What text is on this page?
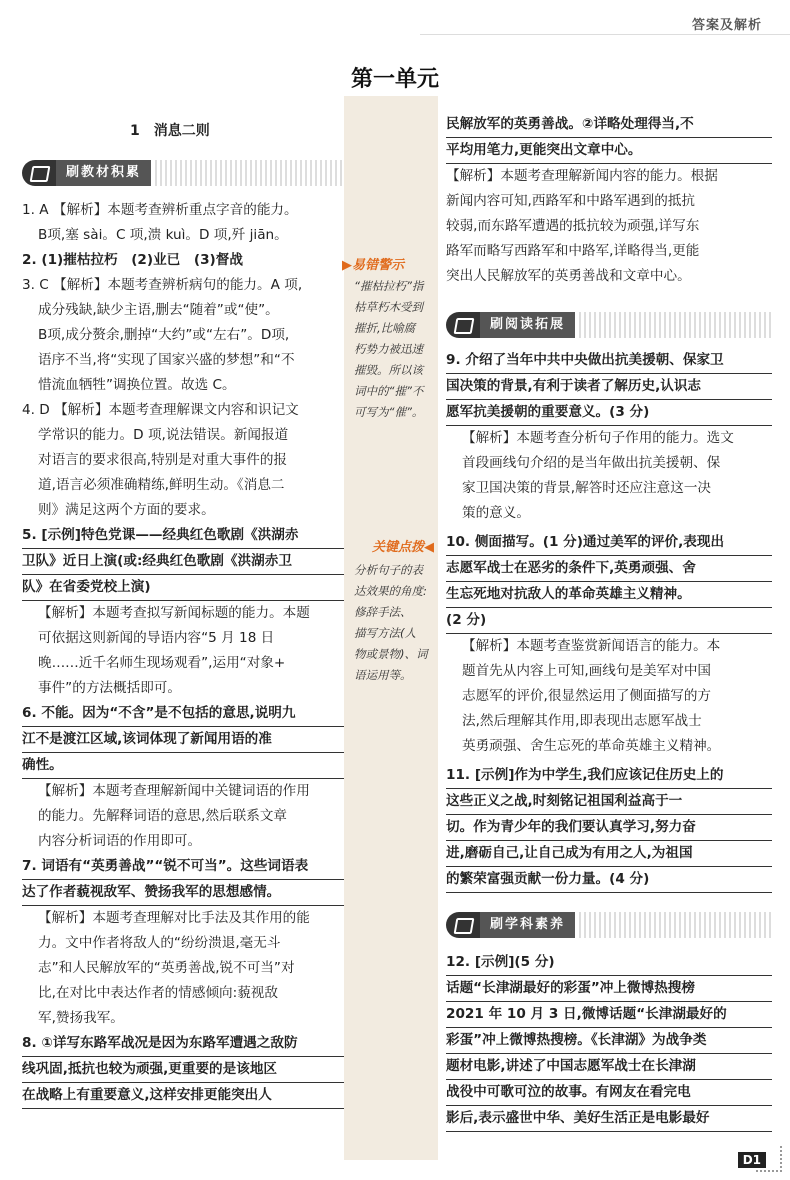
答案及解析
第一单元
1　消息二则
刷教材积累

1. A 【解析】本题考查辨析重点字音的能力。

B项,塞 sài。C 项,溃 kuì。D 项,歼 jiān。

2. (1)摧枯拉朽　(2)业已　(3)督战

3. C 【解析】本题考查辨析病句的能力。A 项,

成分残缺,缺少主语,删去“随着”或“使”。

B项,成分赘余,删掉“大约”或“左右”。D项,

语序不当,将“实现了国家兴盛的梦想”和“不

惜流血牺牲”调换位置。故选 C。

4. D 【解析】本题考查理解课文内容和识记文

学常识的能力。D 项,说法错误。新闻报道

对语言的要求很高,特别是对重大事件的报

道,语言必须准确精练,鲜明生动。《消息二

则》满足这两个方面的要求。

5. [示例]特色党课——经典红色歌剧《洪湖赤

卫队》近日上演(或:经典红色歌剧《洪湖赤卫

队》在省委党校上演)

【解析】本题考查拟写新闻标题的能力。本题

可依据这则新闻的导语内容“5 月 18 日

晚……近千名师生现场观看”,运用“对象+

事件”的方法概括即可。

6. 不能。因为“不含”是不包括的意思,说明九

江不是渡江区域,该词体现了新闻用语的准

确性。

【解析】本题考查理解新闻中关键词语的作用

的能力。先解释词语的意思,然后联系文章

内容分析词语的作用即可。

7. 词语有“英勇善战”“锐不可当”。这些词语表

达了作者藐视敌军、赞扬我军的思想感情。

【解析】本题考查理解对比手法及其作用的能

力。文中作者将敌人的“纷纷溃退,毫无斗

志”和人民解放军的“英勇善战,锐不可当”对

比,在对比中表达作者的情感倾向:藐视敌

军,赞扬我军。

8. ①详写东路军战况是因为东路军遭遇之敌防

线巩固,抵抗也较为顽强,更重要的是该地区

在战略上有重要意义,这样安排更能突出人

▶易错警示
“摧枯拉朽”指
枯草朽木受到
摧折,比喻腐
朽势力被迅速
摧毁。所以该
词中的“摧”不
可写为“催”。
关键点拨◀
分析句子的表
达效果的角度:
修辞手法、
描写方法(人
物或景物)、词
语运用等。

民解放军的英勇善战。②详略处理得当,不

平均用笔力,更能突出文章中心。

【解析】本题考查理解新闻内容的能力。根据

新闻内容可知,西路军和中路军遇到的抵抗

较弱,而东路军遭遇的抵抗较为顽强,详写东

路军而略写西路军和中路军,详略得当,更能

突出人民解放军的英勇善战和文章中心。

刷阅读拓展

9. 介绍了当年中共中央做出抗美援朝、保家卫

国决策的背景,有利于读者了解历史,认识志

愿军抗美援朝的重要意义。(3 分)

【解析】本题考查分析句子作用的能力。选文

首段画线句介绍的是当年做出抗美援朝、保

家卫国决策的背景,解答时还应注意这一决

策的意义。

10. 侧面描写。(1 分)通过美军的评价,表现出

志愿军战士在恶劣的条件下,英勇顽强、舍

生忘死地对抗敌人的革命英雄主义精神。

(2 分)

【解析】本题考查鉴赏新闻语言的能力。本

题首先从内容上可知,画线句是美军对中国

志愿军的评价,很显然运用了侧面描写的方

法,然后理解其作用,即表现出志愿军战士

英勇顽强、舍生忘死的革命英雄主义精神。

11. [示例]作为中学生,我们应该记住历史上的

这些正义之战,时刻铭记祖国利益高于一

切。作为青少年的我们要认真学习,努力奋

进,磨砺自己,让自己成为有用之人,为祖国

的繁荣富强贡献一份力量。(4 分)

刷学科素养

12. [示例](5 分)

话题“长津湖最好的彩蛋”冲上微博热搜榜

2021 年 10 月 3 日,微博话题“长津湖最好的

彩蛋”冲上微博热搜榜。《长津湖》为战争类

题材电影,讲述了中国志愿军战士在长津湖

战役中可歌可泣的故事。有网友在看完电

影后,表示盛世中华、美好生活正是电影最好

D1
